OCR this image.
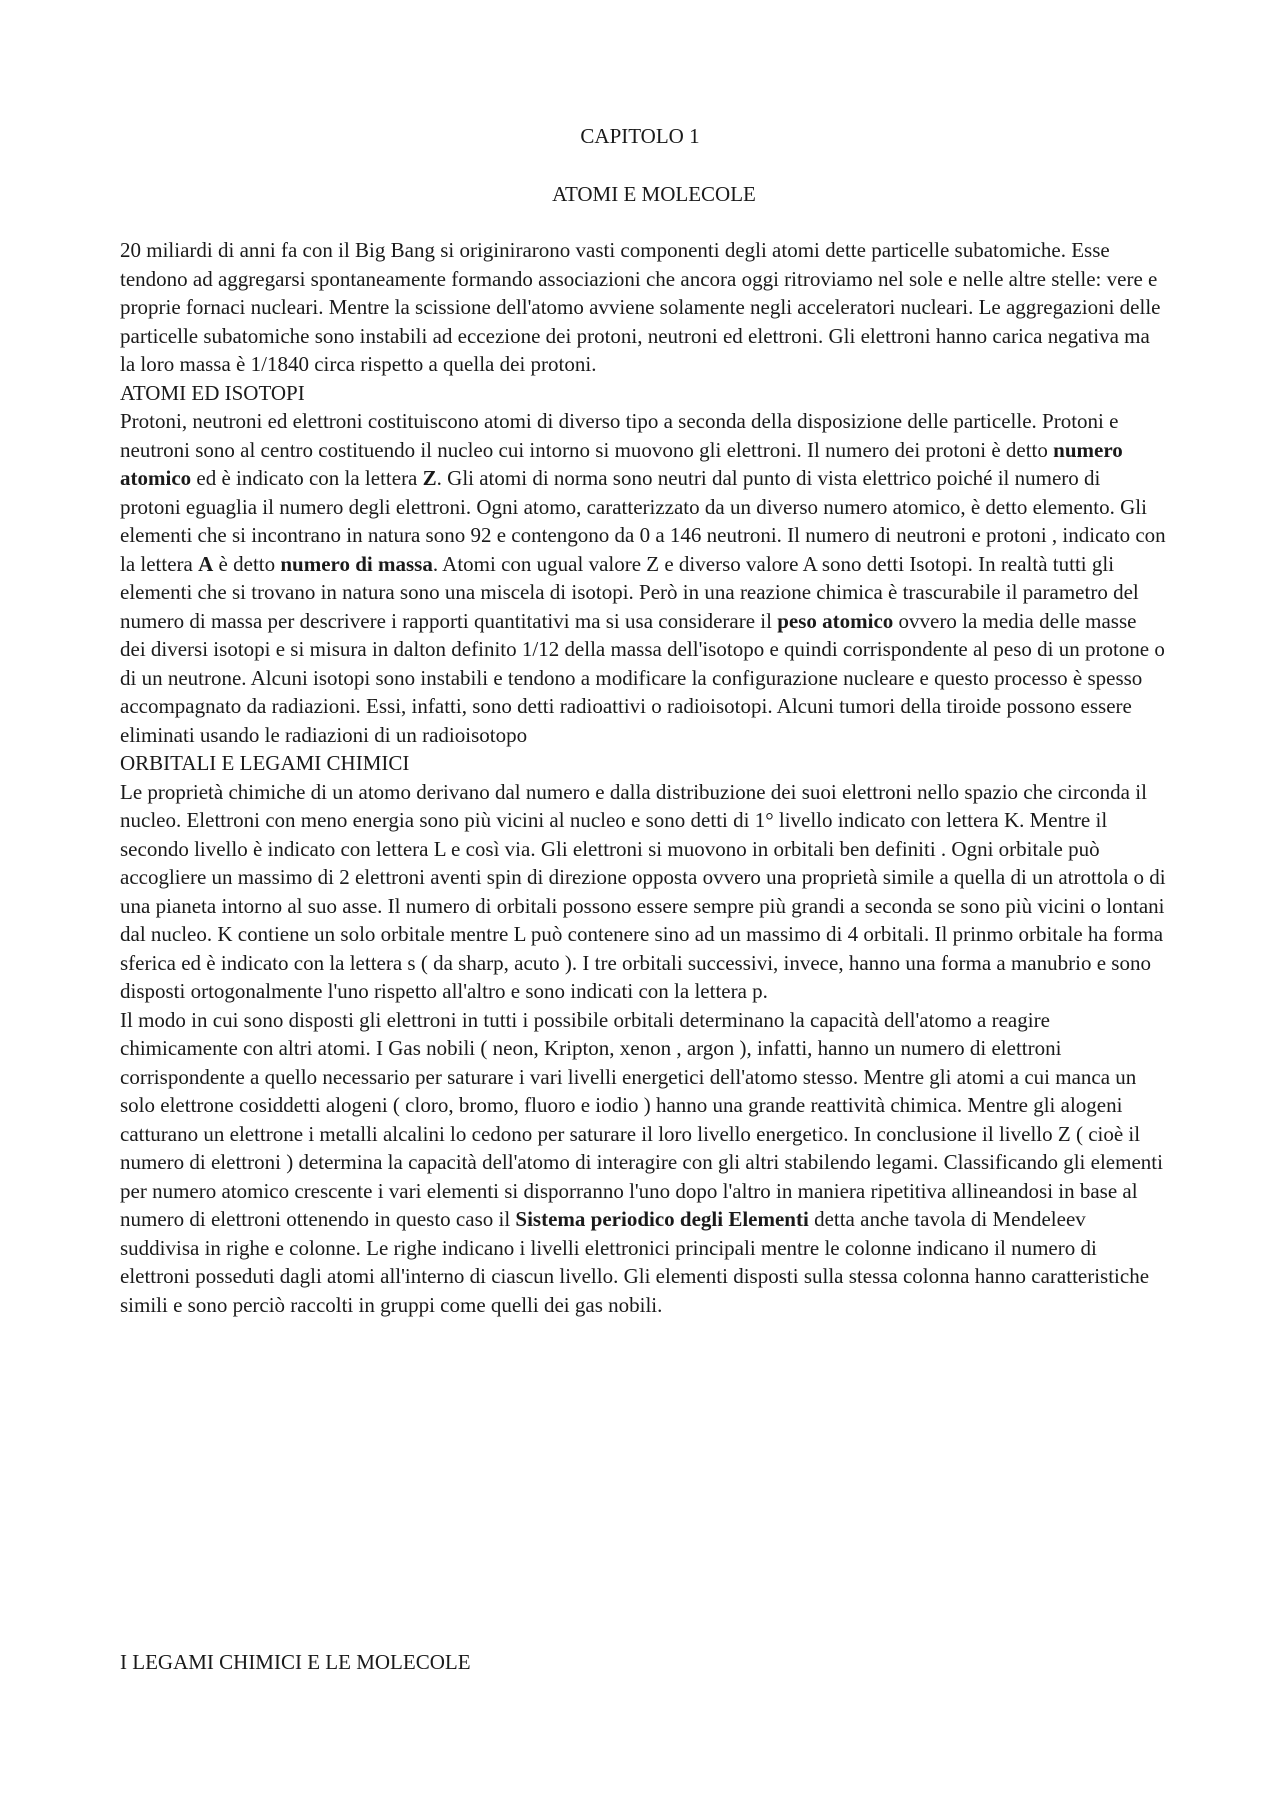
CAPITOLO 1
ATOMI E MOLECOLE

20 miliardi di anni fa con il Big Bang si originirarono vasti componenti degli atomi dette particelle subatomiche. Esse tendono ad aggregarsi spontaneamente formando associazioni che ancora oggi ritroviamo nel sole e nelle altre stelle: vere e proprie fornaci nucleari. Mentre la scissione dell'atomo avviene solamente negli acceleratori nucleari. Le aggregazioni delle particelle subatomiche sono instabili ad eccezione dei protoni, neutroni ed elettroni. Gli elettroni hanno carica negativa ma la loro massa è 1/1840 circa rispetto a quella dei protoni.

ATOMI ED ISOTOPI

Protoni, neutroni ed elettroni costituiscono atomi di diverso tipo a seconda della disposizione delle particelle. Protoni e neutroni sono al centro costituendo il nucleo cui intorno si muovono gli elettroni. Il numero dei protoni è detto numero atomico ed è indicato con la lettera Z. Gli atomi di norma sono neutri dal punto di vista elettrico poiché il numero di protoni eguaglia il numero degli elettroni. Ogni atomo, caratterizzato da un diverso numero atomico, è detto elemento. Gli elementi che si incontrano in natura sono 92 e contengono da 0 a 146 neutroni. Il numero di neutroni e protoni , indicato con la lettera A è detto numero di massa. Atomi con ugual valore Z e diverso valore A sono detti Isotopi. In realtà tutti gli elementi che si trovano in natura sono una miscela di isotopi. Però in una reazione chimica è trascurabile il parametro del numero di massa per descrivere i rapporti quantitativi ma si usa considerare il peso atomico ovvero la media delle masse dei diversi isotopi e si misura in dalton definito 1/12 della massa dell'isotopo e quindi corrispondente al peso di un protone o di un neutrone. Alcuni isotopi sono instabili e tendono a modificare la configurazione nucleare e questo processo è spesso accompagnato da radiazioni. Essi, infatti, sono detti radioattivi o radioisotopi. Alcuni tumori della tiroide possono essere eliminati usando le radiazioni di un radioisotopo

ORBITALI E LEGAMI CHIMICI

Le proprietà chimiche di un atomo derivano dal numero e dalla distribuzione dei suoi elettroni nello spazio che circonda il nucleo. Elettroni con meno energia sono più vicini al nucleo e sono detti di 1° livello indicato con lettera K. Mentre il secondo livello è indicato con lettera L e così via. Gli elettroni si muovono in orbitali ben definiti . Ogni orbitale può accogliere un massimo di 2 elettroni aventi spin di direzione opposta ovvero una proprietà simile a quella di un atrottola o di una pianeta intorno al suo asse. Il numero di orbitali possono essere sempre più grandi a seconda se sono più vicini o lontani dal nucleo. K contiene un solo orbitale mentre L può contenere sino ad un massimo di 4 orbitali. Il prinmo orbitale ha forma sferica ed è indicato con la lettera s ( da sharp, acuto ). I tre orbitali successivi, invece, hanno una forma a manubrio e sono disposti ortogonalmente l'uno rispetto all'altro e sono indicati con la lettera p.

Il modo in cui sono disposti gli elettroni in tutti i possibile orbitali determinano la capacità dell'atomo a reagire chimicamente con altri atomi. I Gas nobili ( neon, Kripton, xenon , argon ), infatti, hanno un numero di elettroni corrispondente a quello necessario per saturare i vari livelli energetici dell'atomo stesso. Mentre gli atomi a cui manca un solo elettrone cosiddetti alogeni ( cloro, bromo, fluoro e iodio ) hanno una grande reattività chimica. Mentre gli alogeni catturano un elettrone i metalli alcalini lo cedono per saturare il loro livello energetico. In conclusione il livello Z ( cioè il numero di elettroni ) determina la capacità dell'atomo di interagire con gli altri stabilendo legami. Classificando gli elementi per numero atomico crescente i vari elementi si disporranno l'uno dopo l'altro in maniera ripetitiva allineandosi in base al numero di elettroni ottenendo in questo caso il Sistema periodico degli Elementi detta anche tavola di Mendeleev suddivisa in righe e colonne. Le righe indicano i livelli elettronici principali mentre le colonne indicano il numero di elettroni posseduti dagli atomi all'interno di ciascun livello. Gli elementi disposti sulla stessa colonna hanno caratteristiche simili e sono perciò raccolti in gruppi come quelli dei gas nobili.

I LEGAMI CHIMICI E LE MOLECOLE
